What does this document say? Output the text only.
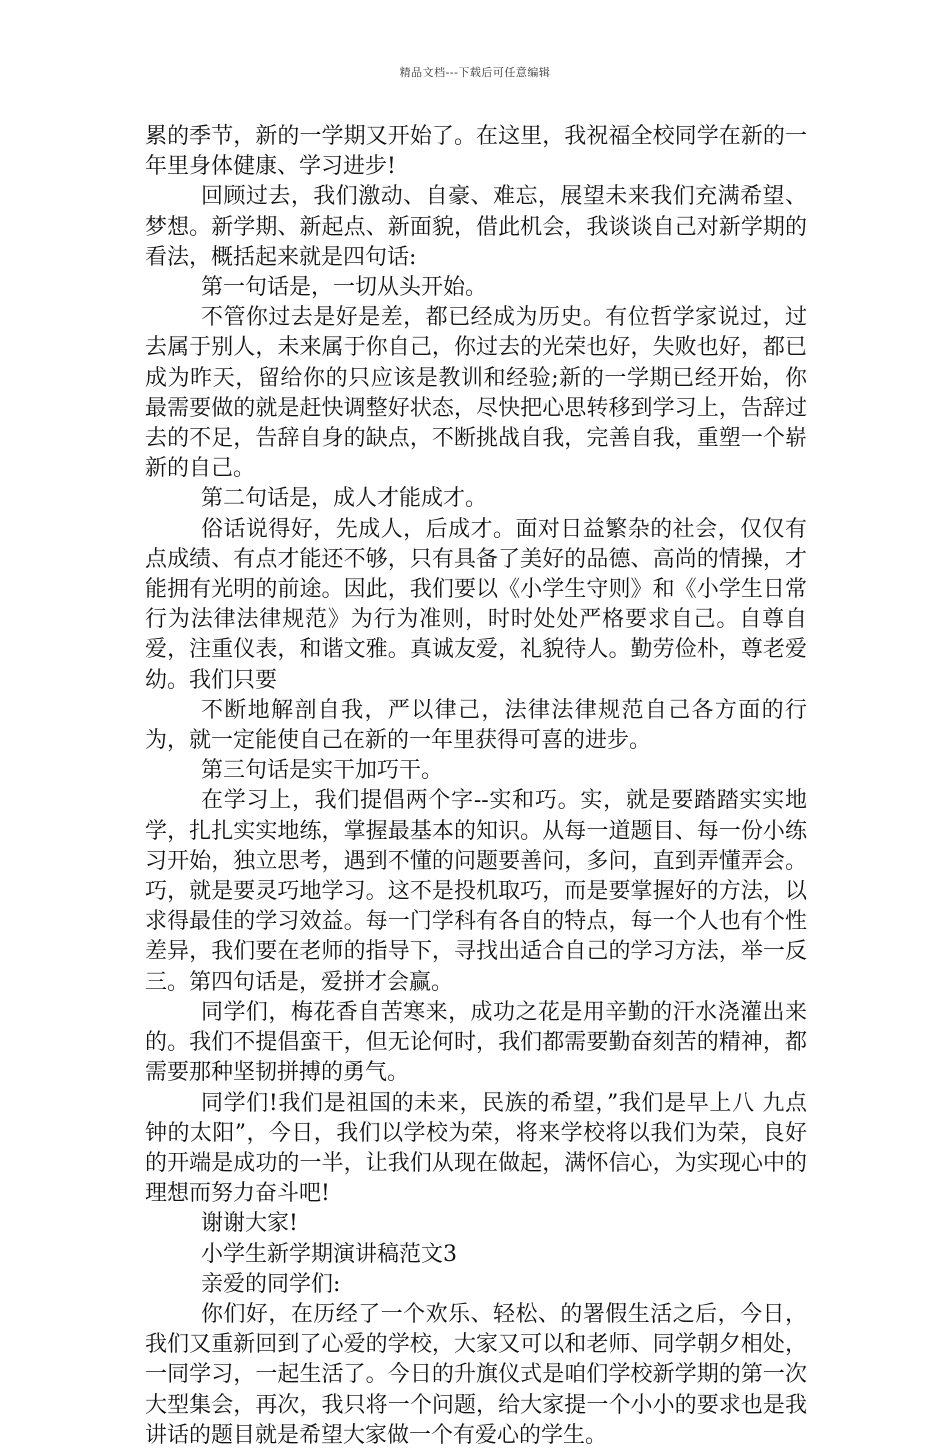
精品文档---下载后可任意编辑

累的季节，新的一学期又开始了。在这里，我祝福全校同学在新的一年里身体健康、学习进步!

回顾过去，我们激动、自豪、难忘，展望未来我们充满希望、梦想。新学期、新起点、新面貌，借此机会，我谈谈自己对新学期的看法，概括起来就是四句话:

第一句话是，一切从头开始。

不管你过去是好是差，都已经成为历史。有位哲学家说过，过去属于别人，未来属于你自己，你过去的光荣也好，失败也好，都已成为昨天，留给你的只应该是教训和经验;新的一学期已经开始，你最需要做的就是赶快调整好状态，尽快把心思转移到学习上，告辞过去的不足，告辞自身的缺点，不断挑战自我，完善自我，重塑一个崭新的自己。

第二句话是，成人才能成才。

俗话说得好，先成人，后成才。面对日益繁杂的社会，仅仅有点成绩、有点才能还不够，只有具备了美好的品德、高尚的情操，才能拥有光明的前途。因此，我们要以《小学生守则》和《小学生日常行为法律法律规范》为行为准则，时时处处严格要求自己。自尊自爱，注重仪表，和谐文雅。真诚友爱，礼貌待人。勤劳俭朴，尊老爱幼。我们只要

不断地解剖自我，严以律己，法律法律规范自己各方面的行为，就一定能使自己在新的一年里获得可喜的进步。

第三句话是实干加巧干。

在学习上，我们提倡两个字--实和巧。实，就是要踏踏实实地学，扎扎实实地练，掌握最基本的知识。从每一道题目、每一份小练习开始，独立思考，遇到不懂的问题要善问，多问，直到弄懂弄会。巧，就是要灵巧地学习。这不是投机取巧，而是要掌握好的方法，以求得最佳的学习效益。每一门学科有各自的特点，每一个人也有个性差异，我们要在老师的指导下，寻找出适合自己的学习方法，举一反三。第四句话是，爱拼才会赢。

同学们，梅花香自苦寒来，成功之花是用辛勤的汗水浇灌出来的。我们不提倡蛮干，但无论何时，我们都需要勤奋刻苦的精神，都需要那种坚韧拼搏的勇气。

同学们!我们是祖国的未来，民族的希望，”我们是早上八 九点钟的太阳”，今日，我们以学校为荣，将来学校将以我们为荣，良好的开端是成功的一半，让我们从现在做起，满怀信心，为实现心中的理想而努力奋斗吧!

谢谢大家!

小学生新学期演讲稿范文3

亲爱的同学们:

你们好，在历经了一个欢乐、轻松、的署假生活之后，今日，我们又重新回到了心爱的学校，大家又可以和老师、同学朝夕相处，一同学习，一起生活了。今日的升旗仪式是咱们学校新学期的第一次大型集会，再次，我只将一个问题，给大家提一个小小的要求也是我讲话的题目就是希望大家做一个有爱心的学生。
